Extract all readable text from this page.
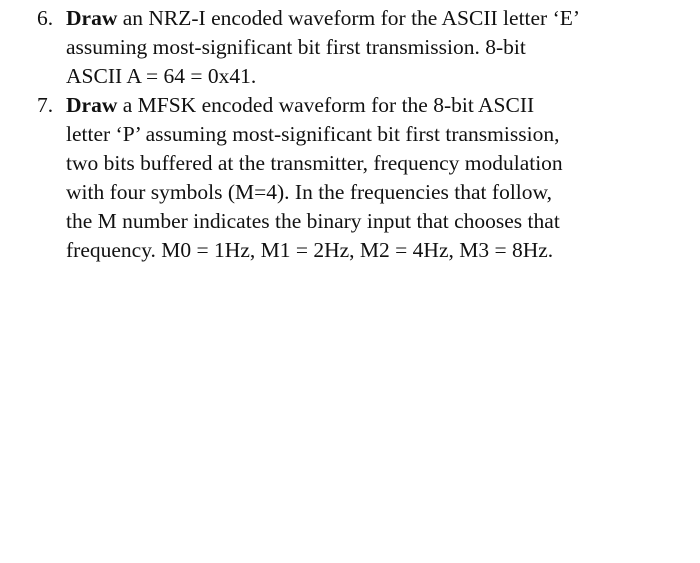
6. Draw an NRZ-I encoded waveform for the ASCII letter ‘E’
assuming most-significant bit first transmission. 8-bit
ASCII A = 64 = 0x41.
7. Draw a MFSK encoded waveform for the 8-bit ASCII
letter ‘P’ assuming most-significant bit first transmission,
two bits buffered at the transmitter, frequency modulation
with four symbols (M=4). In the frequencies that follow,
the M number indicates the binary input that chooses that
frequency. M0 = 1Hz, M1 = 2Hz, M2 = 4Hz, M3 = 8Hz.
